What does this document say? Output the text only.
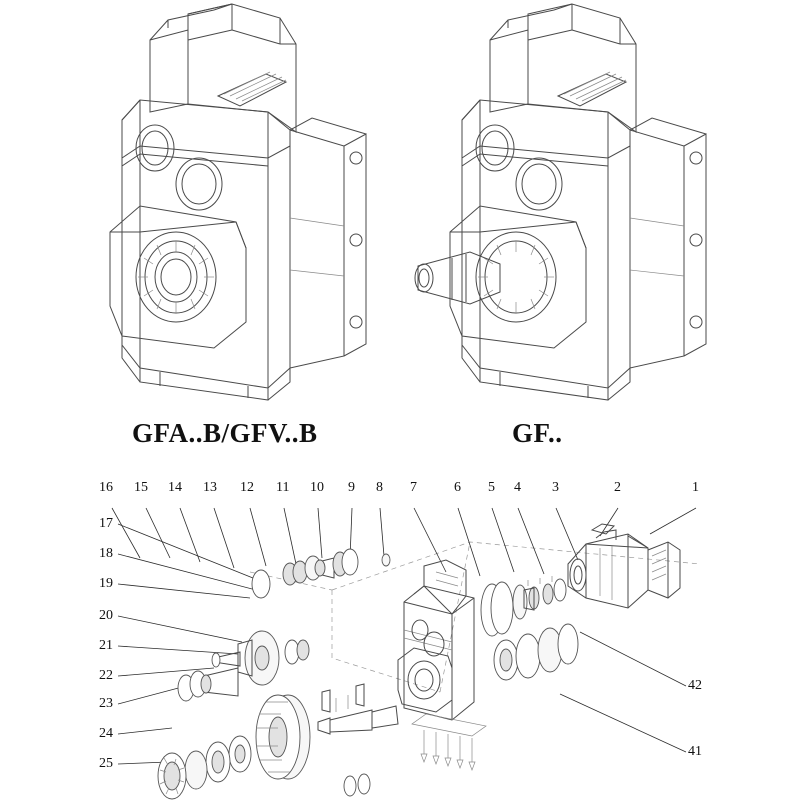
GFA..B/GFV..B	GF..
16 15 14 13 12 11 10 9 8 7	6 5 4 3	2	1
17
18
19
20
21
22
23
24
25
42
41
